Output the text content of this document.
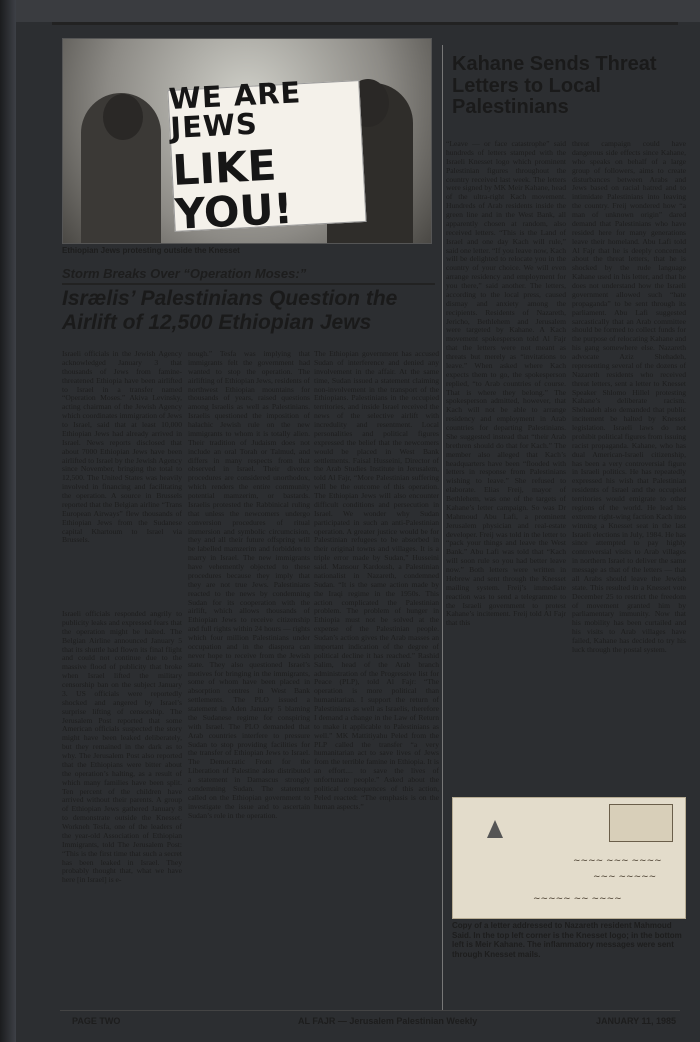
WE ARE JEWS
LIKE YOU!
Ethiopian Jews protesting outside the Knesset
Storm Breaks Over “Operation Moses:”
Isrælis’ Palestinians Question the Airlift of 12,500 Ethiopian Jews
Israeli officials in the Jewish Agency acknowledged January 3 that thousands of Jews from famine-threatened Ethiopia have been airlifted to Israel in a transfer named “Operation Moses.” Akiva Levinsky, acting chairman of the Jewish Agency which coordinates immigration of Jews to Israel, said that at least 10,000 Ethiopian Jews had already arrived in Israel. News reports disclosed that about 7000 Ethiopian Jews have been airlifted to Israel by the Jewish Agency since November, bringing the total to 12,500. The United States was heavily involved in financing and facilitating the operation. A source in Brussels reported that the Belgian airline “Trans European Airways” flew thousands of Ethiopian Jews from the Sudanese capital Khartoum to Israel via Brussels.
Israeli officials responded angrily to publicity leaks and expressed fears that the operation might be halted. The Belgian Airline announced January 5 that its shuttle had flown its final flight and could not continue due to the massive flood of publicity that broke when Israel lifted the military censorship ban on the subject January 3. US officials were reportedly shocked and angered by Israel’s surprise lifting of censorship. The Jerusalem Post reported that some American officials suspected the story might have been leaked deliberately, but they remained in the dark as to why. The Jerusalem Post also reported that the Ethiopians were bitter about the operation’s halting, as a result of which many families have been split. Ten percent of the children have arrived without their parents. A group of Ethiopian Jews gathered January 8 to demonstrate outside the Knesset. Workneh Tesfa, one of the leaders of the year-old Association of Ethiopian Immigrants, told The Jerusalem Post: “This is the first time that such a secret has been leaked in Israel. They probably thought that, what we have here [in Israel] is e-
nough.” Tesfa was implying that immigrants felt the government had wanted to stop the operation. The airlifting of Ethiopian Jews, residents of northwest Ethiopian mountains for thousands of years, raised questions among Israelis as well as Palestinians. Israelis questioned the imposition of halachic Jewish rule on the new immigrants to whom it is totally alien. Their tradition of Judaism does not include an oral Torah or Talmud, and differs in many respects from that observed in Israel. Their divorce procedures are considered unorthodox, which renders the entire community potential mamzerim, or bastards. Israelis protested the Rabbinical ruling that unless the newcomers undergo conversion procedures of ritual immersion and symbolic circumcision, they and all their future offspring will be labelled mamzerim and forbidden to marry in Israel. The new immigrants have vehemently objected to these procedures because they imply that they are not true Jews. Palestinians reacted to the news by condemning Sudan for its cooperation with the airlift, which allows thousands of Ethiopian Jews to receive citizenship and full rights within 24 hours — rights which four million Palestinians under occupation and in the diaspora can never hope to receive from the Jewish state. They also questioned Israel’s motives for bringing in the immigrants, some of whom have been placed in absorption centres in West Bank settlements. The PLO issued a statement in Aden January 5 blaming the Sudanese regime for conspiring with Israel. The PLO demanded that Arab countries interfere to pressure Sudan to stop providing facilities for the transfer of Ethiopian Jews to Israel. The Democratic Front for the Liberation of Palestine also distributed a statement in Damascus strongly condemning Sudan. The statement called on the Ethiopian government to investigate the issue and to ascertain Sudan’s role in the operation.
The Ethiopian government has accused Sudan of interference and denied any involvement in the affair. At the same time, Sudan issued a statement claiming non-involvement in the transport of the Ethiopians. Palestinians in the occupied territories, and inside Israel received the news of the selective airlift with incredulity and resentment. Local personalities and political figures expressed the belief that the newcomers would be placed in West Bank settlements. Faisal Husseini, Director of the Arab Studies Institute in Jerusalem, told Al Fajr, “More Palestinian suffering will be the outcome of this operation. The Ethiopian Jews will also encounter difficult conditions and persecution in Israel. We wonder why Sudan participated in such an anti-Palestinian operation. A greater justice would be for Palestinian refugees to be absorbed in their original towns and villages. It is a triple error made by Sudan,” Husseini said. Mansour Kardoush, a Palestinian nationalist in Nazareth, condemned Sudan. “It is the same action made by the Iraqi regime in the 1950s. This action complicated the Palestinian problem. The problem of hunger in Ethiopia must not be solved at the expense of the Palestinian people. Sudan’s action gives the Arab masses an important indication of the degree of political decline it has reached.” Rashid Salim, head of the Arab branch administration of the Progressive list for Peace (PLP), told Al Fajr: “The operation is more political than humanitarian. I support the return of Palestinians as well as Israelis, therefore I demand a change in the Law of Return to make it applicable to Palestinians as well.” MK Mattitiyahu Peled from the PLP called the transfer “a very humanitarian act to save lives of Jews from the terrible famine in Ethiopia. It is an effort.... to save the lives of unfortunate people.” Asked about the political consequences of this action, Peled reacted: “The emphasis is on the human aspects.”
Kahane Sends Threat Letters to Local Palestinians
“Leave — or face catastrophe” said hundreds of letters stamped with the Israeli Knesset logo which prominent Palestinian figures throughout the country received last week. The letters were signed by MK Meir Kahane, head of the ultra-right Kach movement. Hundreds of Arab residents inside the green line and in the West Bank, all apparently chosen at random, also received letters. “This is the Land of Israel and one day Kach will rule,” said one letter. “If you leave now, Kach will be delighted to relocate you in the country of your choice. We will even arrange residency and employment for you there,” said another. The letters, according to the local press, caused dismay and anxiety among the recipients. Residents of Nazareth, Jericho, Bethlehem and Jerusalem were targeted by Kahane. A Kach movement spokesperson told Al Fajr that the letters were not meant as threats but merely as “invitations to leave.” When asked where Kach expects them to go, the spokesperson replied, “to Arab countries of course. That is where they belong.” The spokesperson admitted, however, that Kach will not be able to arrange residency and employment in Arab countries for departing Palestinians. She suggested instead that “their Arab brethren should do that for Kach.” The member also alleged that Kach’s headquarters have been “flooded with letters in response from Palestinians wishing to leave.” She refused to elaborate. Elias Freij, mayor of Bethlehem, was one of the targets of Kahane’s letter campaign. So was Dr Mahmoud Abu Lafi, a prominent Jerusalem physician and real-estate developer. Freij was told in the letter to “pack your things and leave the West Bank.” Abu Lafi was told that “Kach will soon rule so you had better leave now.” Both letters were written in Hebrew and sent through the Knesset mailing system. Freij’s immediate reaction was to send a telegramme to the Israeli government to protest Kahane’s incitement. Freij told Al Fajr that this
threat campaign could have dangerous side effects since Kahane, who speaks on behalf of a large group of followers, aims to create disturbances between Arabs and Jews based on racial hatred and to intimidate Palestinians into leaving the country. Freij wondered how “a man of unknown origin” dared demand that Palestinians who have resided here for many generations leave their homeland. Abu Lafi told Al Fajr that he is deeply concerned about the threat letters, that he is shocked by the rude language Kahane used in his letter, and that he does not understand how the Israeli government allowed such “hate propaganda” to be sent through its parliament. Abu Lafi suggested sarcastically that an Arab committee should be formed to collect funds for the purpose of relocating Kahane and his gang somewhere else. Nazareth advocate Aziz Shehadeh, representing several of the dozens of Nazareth residents who received threat letters, sent a letter to Knesset Speaker Shlomo Hillel protesting Kahane’s deliberate racism. Shehadeh also demanded that public incitement be halted by Knesset legislation. Israeli laws do not prohibit political figures from issuing racist propaganda. Kahane, who has dual American-Israeli citizenship, has been a very controversial figure in Israeli politics. He has repeatedly expressed his wish that Palestinian residents of Israel and the occupied territories would emigrate to other regions of the world. He lead his extreme right-wing faction Kach into winning a Knesset seat in the last Israeli elections in July, 1984. He has since attempted to pay highly controversial visits to Arab villages in northern Israel to deliver the same message as that of the letters — that all Arabs should leave the Jewish state. This resulted in a Knesset vote December 25 to restrict the freedom of movement granted him by parliamentary immunity. Now that his mobility has been curtailed and his visits to Arab villages have failed, Kahane has decided to try his luck through the postal system.
~~~~ ~~~ ~~~~
~~~ ~~~~~
~~~~~ ~~ ~~~~
Copy of a letter addressed to Nazareth resident Mahmoud Said. In the top left corner is the Knesset logo; in the bottom left is Meir Kahane. The inflammatory messages were sent through Knesset mails.
PAGE TWO	AL FAJR — Jerusalem Palestinian Weekly	JANUARY 11, 1985
